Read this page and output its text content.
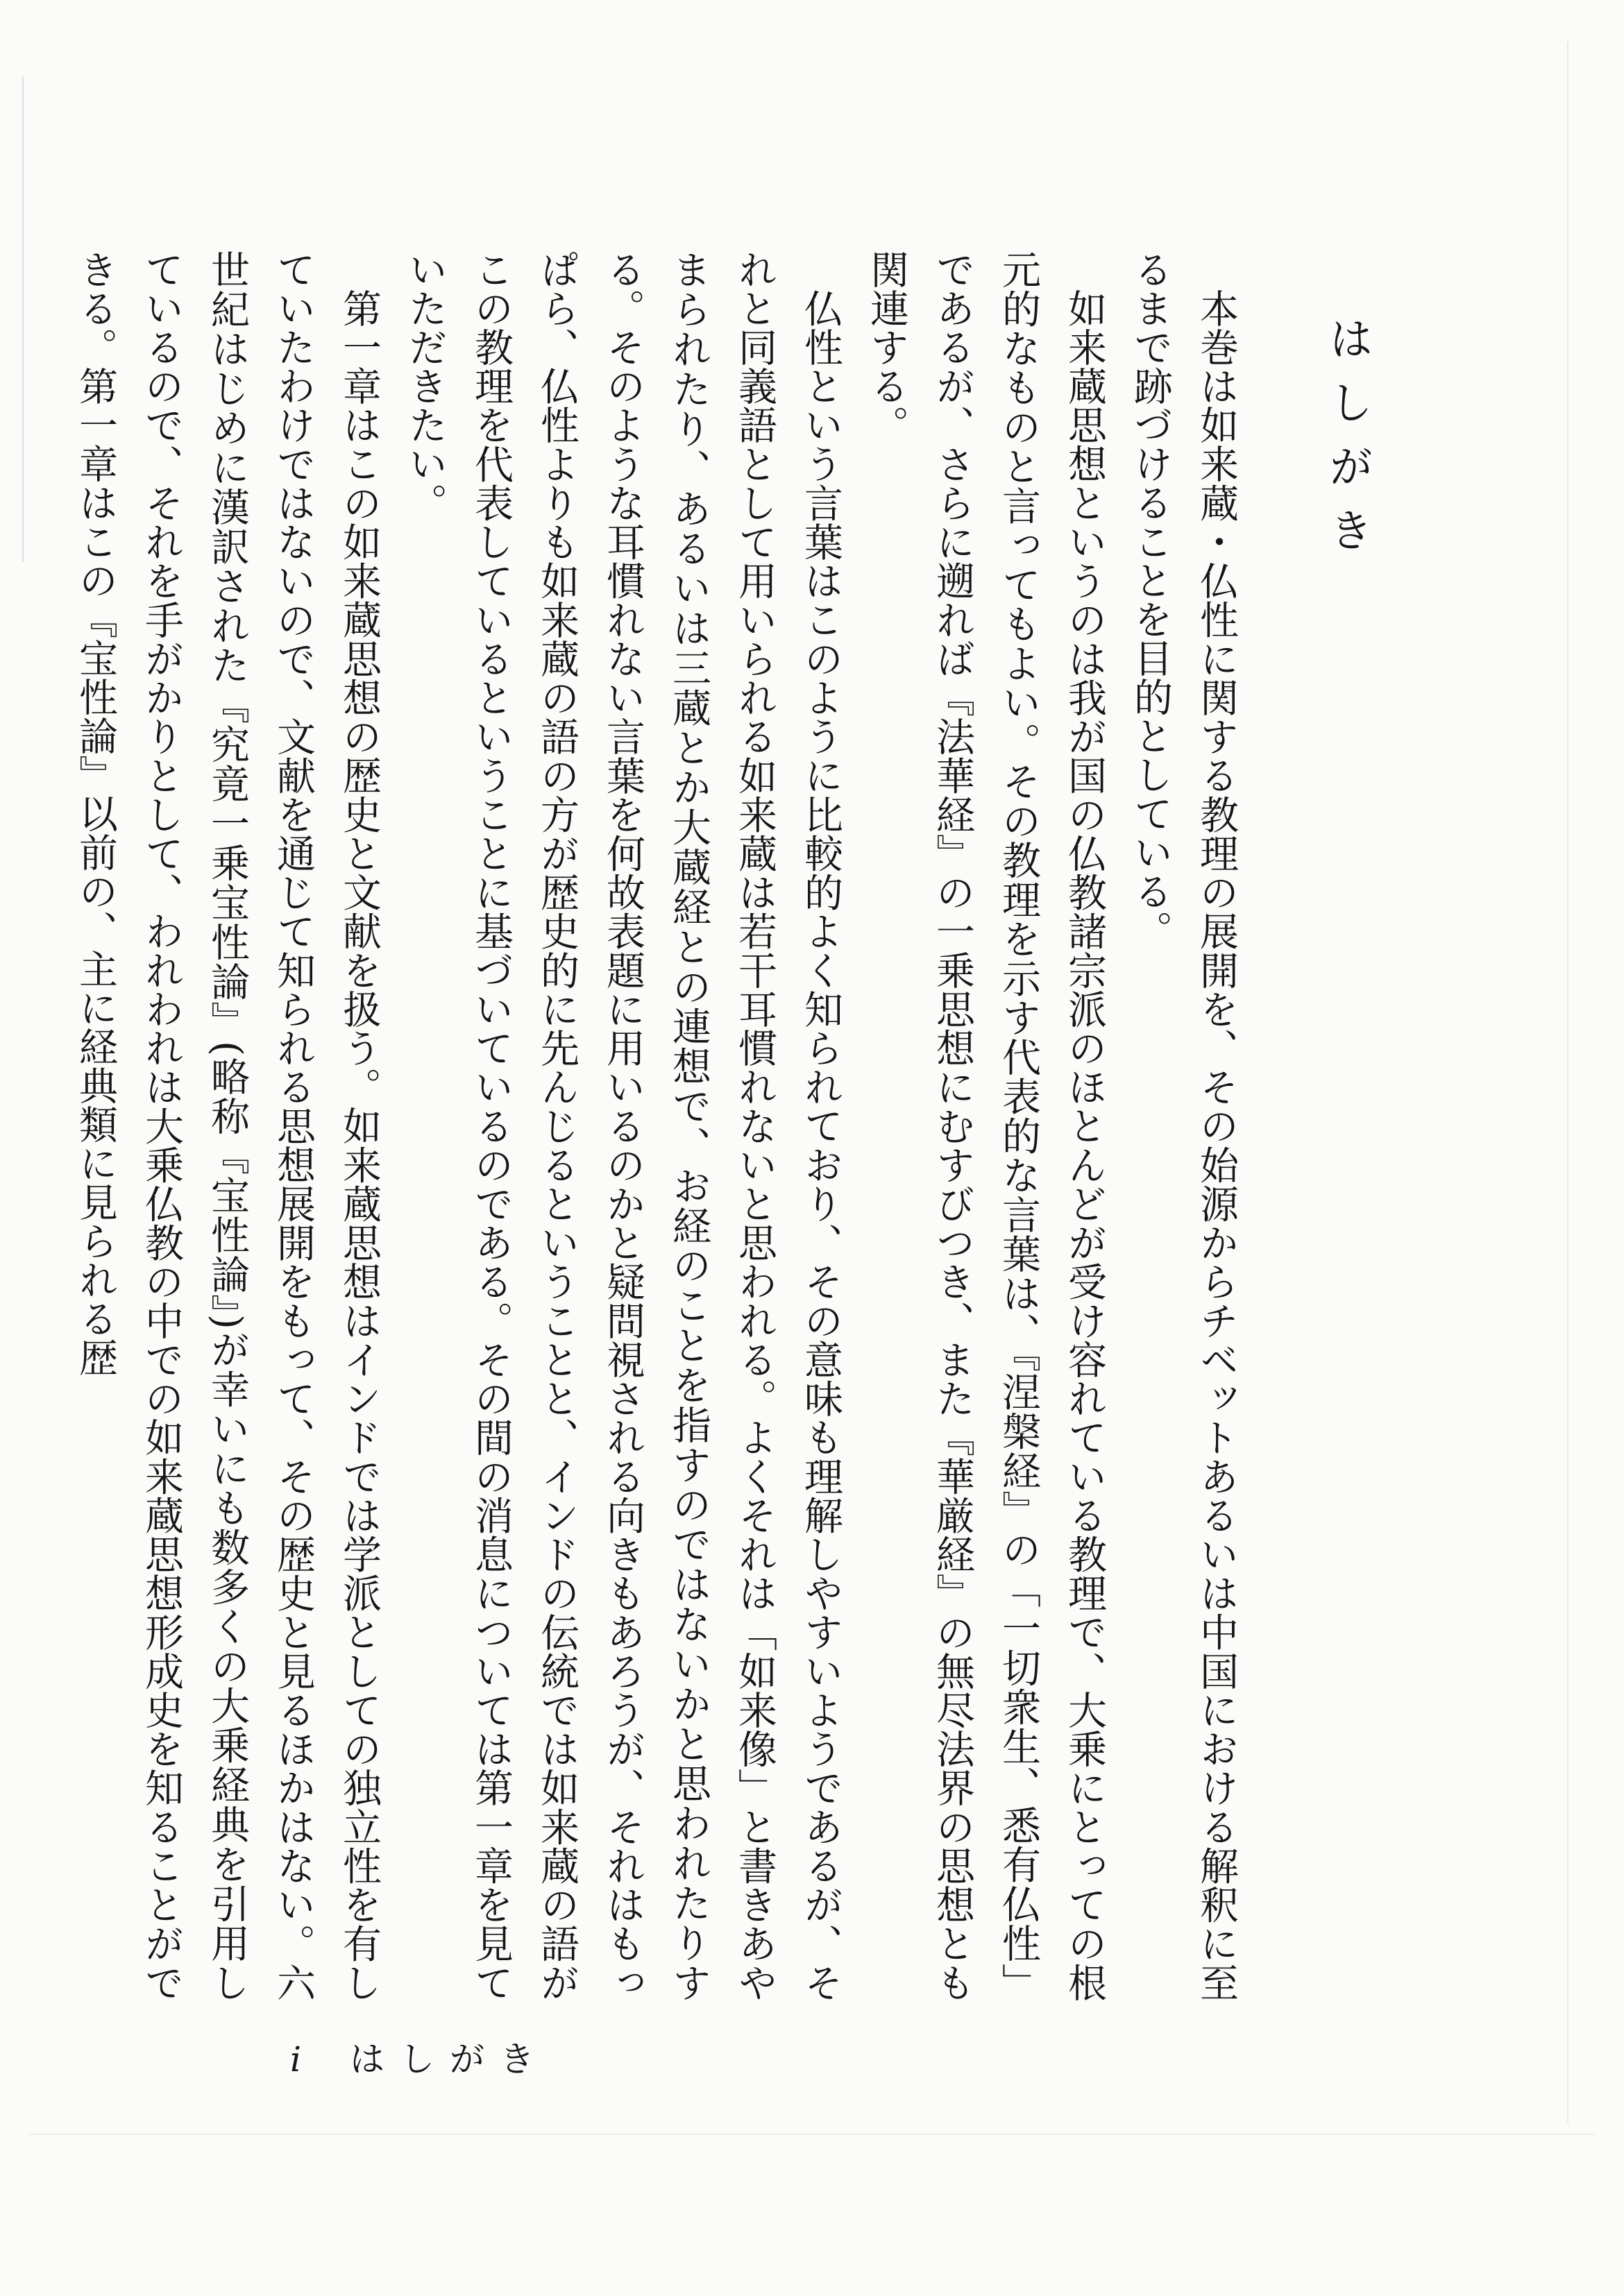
はしがき

本巻は如来蔵・仏性に関する教理の展開を、その始源からチベットあるいは中国における解釈に至るまで跡づけることを目的としている。

如来蔵思想というのは我が国の仏教諸宗派のほとんどが受け容れている教理で、大乗にとっての根元的なものと言ってもよい。その教理を示す代表的な言葉は、『涅槃経』の「一切衆生、悉有仏性」であるが、さらに遡れば『法華経』の一乗思想にむすびつき、また『華厳経』の無尽法界の思想とも関連する。

仏性という言葉はこのように比較的よく知られており、その意味も理解しやすいようであるが、それと同義語として用いられる如来蔵は若干耳慣れないと思われる。よくそれは「如来像」と書きあやまられたり、あるいは三蔵とか大蔵経との連想で、お経のことを指すのではないかと思われたりする。そのような耳慣れない言葉を何故表題に用いるのかと疑問視される向きもあろうが、それはもっぱら、仏性よりも如来蔵の語の方が歴史的に先んじるということと、インドの伝統では如来蔵の語がこの教理を代表しているということに基づいているのである。その間の消息については第一章を見ていただきたい。

第一章はこの如来蔵思想の歴史と文献を扱う。如来蔵思想はインドでは学派としての独立性を有していたわけではないので、文献を通じて知られる思想展開をもって、その歴史と見るほかはない。六世紀はじめに漢訳された『究竟一乗宝性論』(略称『宝性論』)が幸いにも数多くの大乗経典を引用しているので、それを手がかりとして、われわれは大乗仏教の中での如来蔵思想形成史を知ることができる。第一章はこの『宝性論』以前の、主に経典類に見られる歴

i はしがき
